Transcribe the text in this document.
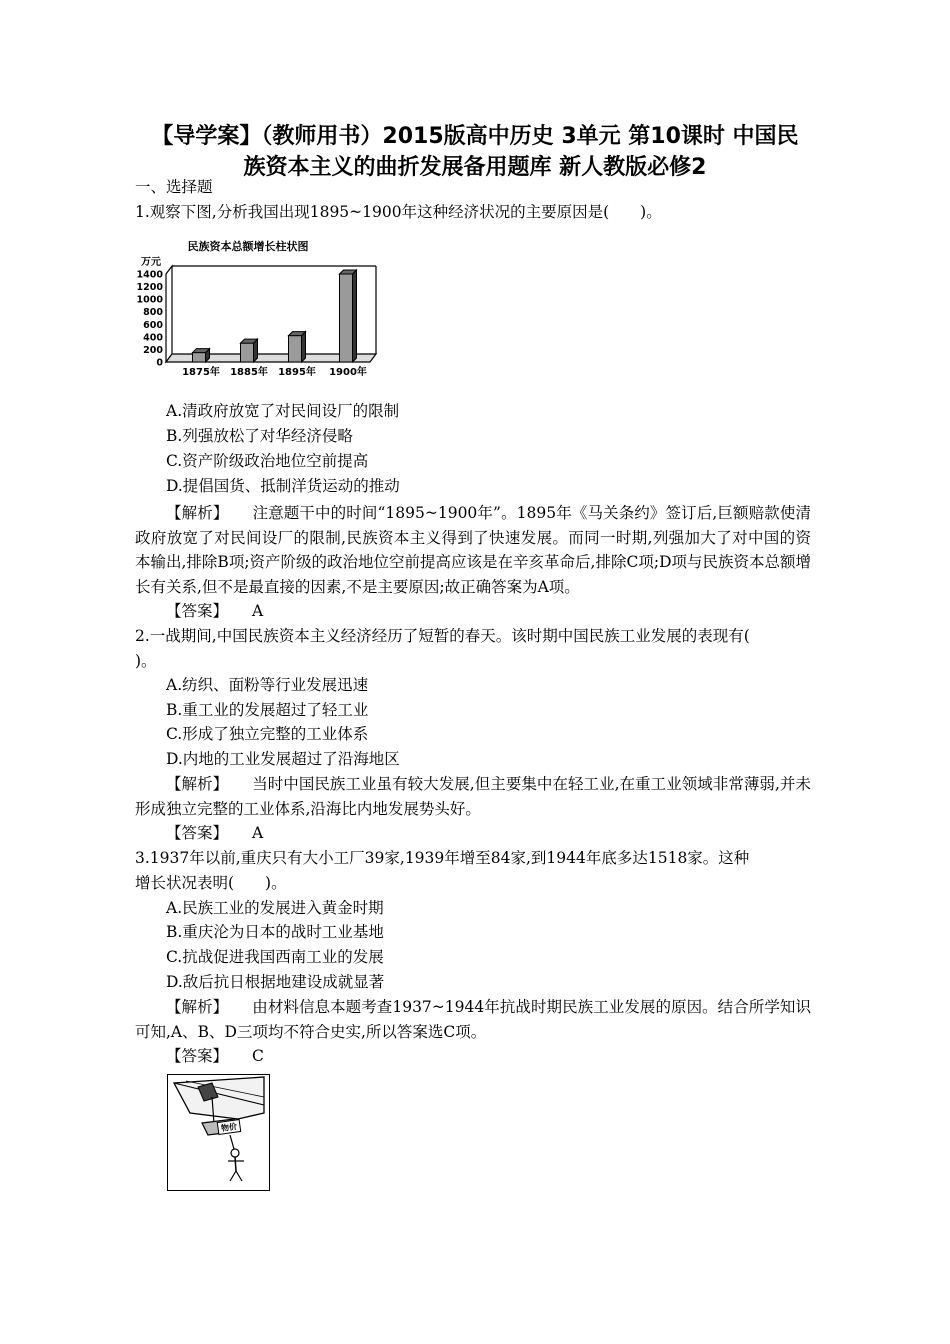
【导学案】（教师用书）2015版高中历史 3单元 第10课时 中国民
族资本主义的曲折发展备用题库 新人教版必修2
一、选择题
1.观察下图,分析我国出现1895~1900年这种经济状况的主要原因是(　　)。
民族资本总额增长柱状图
万元
0
200
400
600
800
1000
1200
1400
1875年 1885年 1895年 1900年
A.清政府放宽了对民间设厂的限制
B.列强放松了对华经济侵略
C.资产阶级政治地位空前提高
D.提倡国货、抵制洋货运动的推动
【解析】 注意题干中的时间“1895~1900年”。1895年《马关条约》签订后,巨额赔款使清政府放宽了对民间设厂的限制,民族资本主义得到了快速发展。而同一时期,列强加大了对中国的资本输出,排除B项;资产阶级的政治地位空前提高应该是在辛亥革命后,排除C项;D项与民族资本总额增长有关系,但不是最直接的因素,不是主要原因;故正确答案为A项。
【答案】 A
2.一战期间,中国民族资本主义经济经历了短暂的春天。该时期中国民族工业发展的表现有(
)。
A.纺织、面粉等行业发展迅速
B.重工业的发展超过了轻工业
C.形成了独立完整的工业体系
D.内地的工业发展超过了沿海地区
【解析】 当时中国民族工业虽有较大发展,但主要集中在轻工业,在重工业领域非常薄弱,并未形成独立完整的工业体系,沿海比内地发展势头好。
【答案】 A
3.1937年以前,重庆只有大小工厂39家,1939年增至84家,到1944年底多达1518家。这种
增长状况表明(　　)。
A.民族工业的发展进入黄金时期
B.重庆沦为日本的战时工业基地
C.抗战促进我国西南工业的发展
D.敌后抗日根据地建设成就显著
【解析】 由材料信息本题考查1937~1944年抗战时期民族工业发展的原因。结合所学知识可知,A、B、D三项均不符合史实,所以答案选C项。
【答案】 C
物价
